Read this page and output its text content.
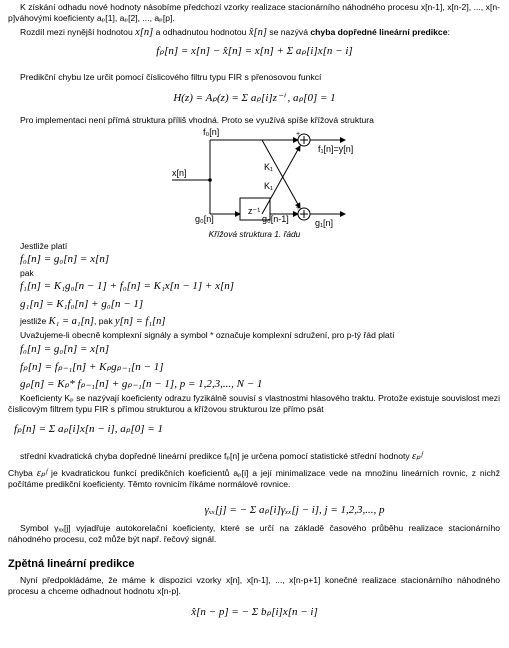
K získání odhadu nové hodnoty násobíme předchozí vzorky realizace stacionárního náhodného procesu x[n-1], x[n-2], ..., x[n-p]váhovými koeficienty aₚ[1], aₚ[2], ..., aₚ[p].
Rozdíl mezi nynější hodnotou x[n] a odhadnutou hodnotou x̂[n] se nazývá chyba dopředné lineární predikce:
fₚ[n] = x[n] − x̂[n] = x[n] + Σ aₚ[i]x[n − i]
Predikční chybu lze určit pomocí číslicového filtru typu FIR s přenosovou funkcí
H(z) = Aₚ(z) = Σ aₚ[i]z⁻ⁱ , aₚ[0] = 1
Pro implementaci není přímá struktura příliš vhodná. Proto se využívá spíše křížová struktura
f₀[n]
x[n]
K₁
K₁
f₁[n]=y[n]
z⁻¹
g₀[n]	g₀[n-1]	g₁[n]
+
+
Křížová struktura 1. řádu
Jestliže platí
f₀[n] = g₀[n] = x[n]
pak
f₁[n] = K₁g₀[n − 1] + f₀[n] = K₁x[n − 1] + x[n]
g₁[n] = K₁f₀[n] + g₀[n − 1]
jestliže K₁ = a₁[n], pak y[n] = f₁[n]
Uvažujeme-li obecně komplexní signály a symbol * označuje komplexní sdružení, pro p-tý řád platí
f₀[n] = g₀[n] = x[n]
fₚ[n] = fₚ₋₁[n] + Kₚgₚ₋₁[n − 1]
gₚ[n] = Kₚ* fₚ₋₁[n] + gₚ₋₁[n − 1], p = 1,2,3,..., N − 1
Koeficienty Kₚ se nazývají koeficienty odrazu fyzikálně souvisí s vlastnostmi hlasového traktu. Protože existuje souvislost mezi číslicovým filtrem typu FIR s přímou strukturou a křížovou strukturou lze přímo psát
fₚ[n] = Σ aₚ[i]x[n − i], aₚ[0] = 1
střední kvadratická chyba dopředné lineární predikce fₚ[n] je určena pomocí statistické střední hodnoty εₚᶠ
Chyba εₚᶠ je kvadratickou funkcí predikčních koeficientů aₚ[i] a její minimalizace vede na množinu lineárních rovnic, z nichž počítáme predikční koeficienty. Těmto rovnicím říkáme normálové rovnice.
γₓₓ[j] = − Σ aₚ[i]γₓₓ[j − i], j = 1,2,3,..., p
Symbol γₓₓ[j] vyjadřuje autokorelační koeficienty, které se určí na základě časového průběhu realizace stacionárního náhodného procesu, což může být např. řečový signál.
Zpětná lineární predikce
Nyní předpokládáme, že máme k dispozici vzorky x[n], x[n-1], ..., x[n-p+1] konečné realizace stacionárního náhodného procesu a chceme odhadnout hodnotu x[n-p].
x̂[n − p] = − Σ bₚ[i]x[n − i]
